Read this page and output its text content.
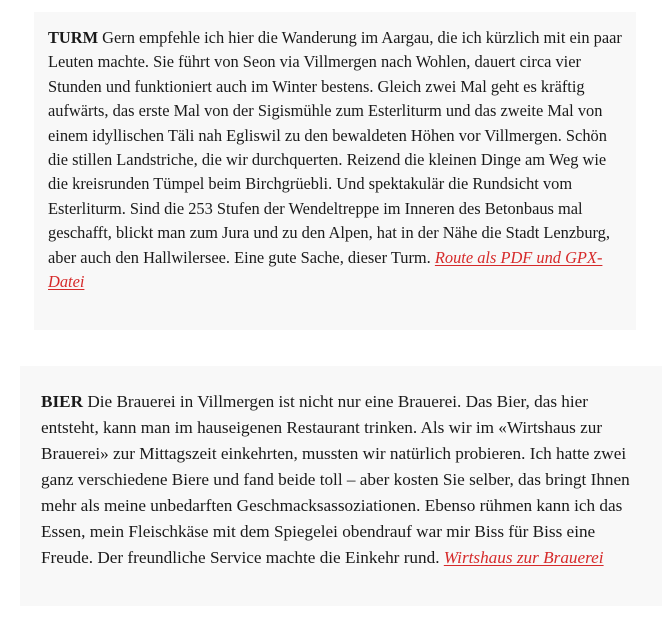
TURM Gern empfehle ich hier die Wanderung im Aargau, die ich kürzlich mit ein paar Leuten machte. Sie führt von Seon via Villmergen nach Wohlen, dauert circa vier Stunden und funktioniert auch im Winter bestens. Gleich zwei Mal geht es kräftig aufwärts, das erste Mal von der Sigismühle zum Esterliturm und das zweite Mal von einem idyllischen Täli nah Egliswil zu den bewaldeten Höhen vor Villmergen. Schön die stillen Landstriche, die wir durchquerten. Reizend die kleinen Dinge am Weg wie die kreisrunden Tümpel beim Birchgrüebli. Und spektakulär die Rundsicht vom Esterliturm. Sind die 253 Stufen der Wendeltreppe im Inneren des Betonbaus mal geschafft, blickt man zum Jura und zu den Alpen, hat in der Nähe die Stadt Lenzburg, aber auch den Hallwilersee. Eine gute Sache, dieser Turm. Route als PDF und GPX-Datei

BIER Die Brauerei in Villmergen ist nicht nur eine Brauerei. Das Bier, das hier entsteht, kann man im hauseigenen Restaurant trinken. Als wir im «Wirtshaus zur Brauerei» zur Mittagszeit einkehrten, mussten wir natürlich probieren. Ich hatte zwei ganz verschiedene Biere und fand beide toll – aber kosten Sie selber, das bringt Ihnen mehr als meine unbedarften Geschmacksassoziationen. Ebenso rühmen kann ich das Essen, mein Fleischkäse mit dem Spiegelei obendrauf war mir Biss für Biss eine Freude. Der freundliche Service machte die Einkehr rund. Wirtshaus zur Brauerei
